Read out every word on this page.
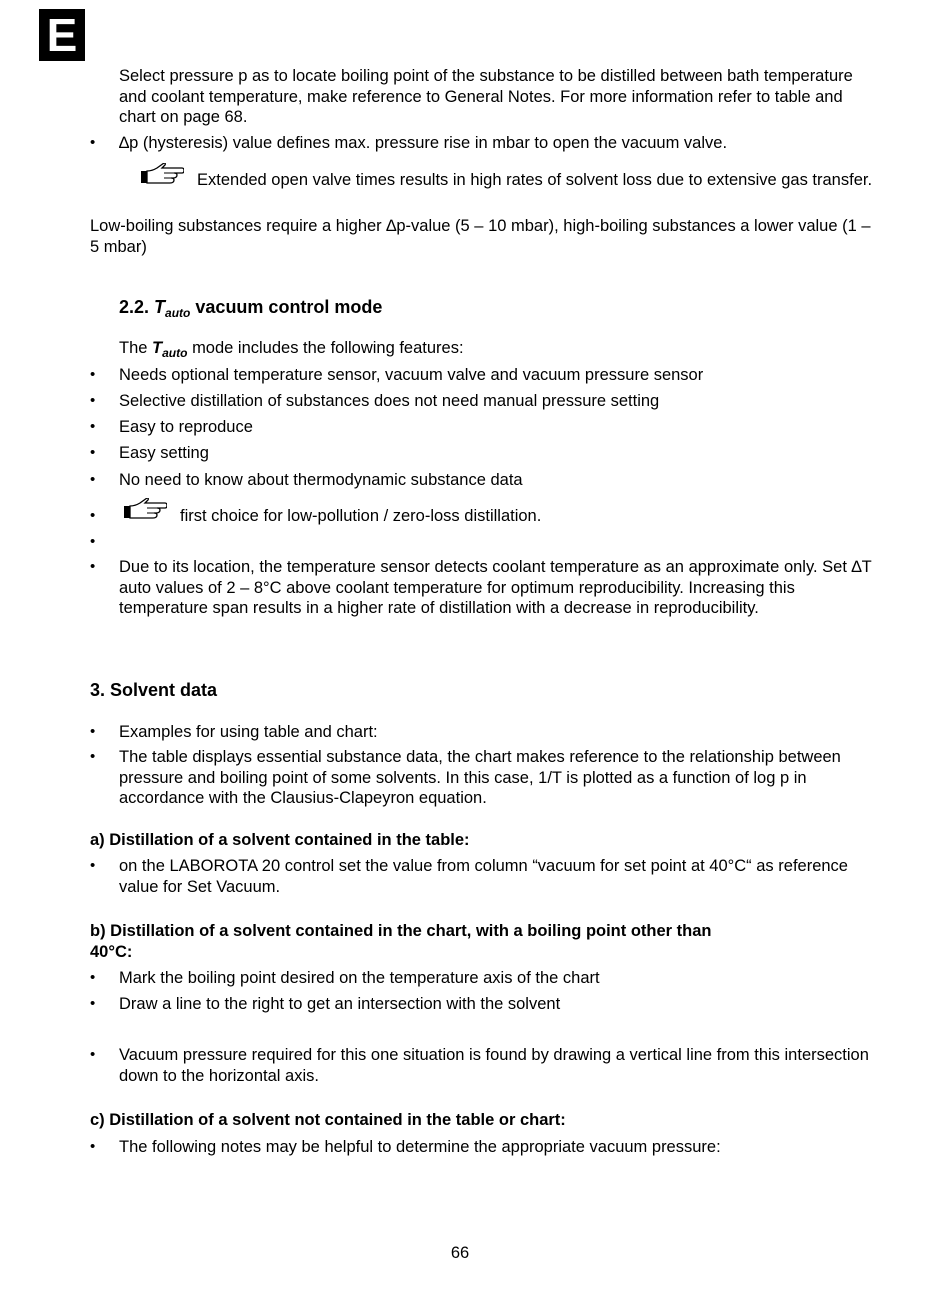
E

Select pressure p as to locate boiling point of the substance to be distilled between bath temperature and coolant temperature, make reference to General Notes. For more information refer to table and chart on page 68.

• ∆p (hysteresis) value defines max. pressure rise in mbar to open the vacuum valve.

Extended open valve times results in high rates of solvent loss due to extensive gas transfer.

Low-boiling substances require a higher ∆p-value (5 – 10 mbar), high-boiling substances a lower value (1 – 5 mbar)

2.2. $T_{auto}$ vacuum control mode
The $T_{auto}$ mode includes the following features:
• Needs optional temperature sensor, vacuum valve and vacuum pressure sensor
• Selective distillation of substances does not need manual pressure setting
• Easy to reproduce
• Easy setting
• No need to know about thermodynamic substance data
•	first choice for low-pollution / zero-loss distillation.
•
• Due to its location, the temperature sensor detects coolant temperature as an approximate only. Set ∆T auto values of 2 – 8°C above coolant temperature for optimum reproducibility. Increasing this temperature span results in a higher rate of distillation with a decrease in reproducibility.
3. Solvent data
• Examples for using table and chart:
• The table displays essential substance data, the chart makes reference to the relationship between pressure and boiling point of some solvents. In this case, 1/T is plotted as a function of log p in accordance with the Clausius-Clapeyron equation.
a) Distillation of a solvent contained in the table:
• on the LABOROTA 20 control set the value from column “vacuum for set point at 40°C“ as reference value for Set Vacuum.
b) Distillation of a solvent contained in the chart, with a boiling point other than 40°C:
• Mark the boiling point desired on the temperature axis of the chart
• Draw a line to the right to get an intersection with the solvent
• Vacuum pressure required for this one situation is found by drawing a vertical line from this intersection down to the horizontal axis.
c) Distillation of a solvent not contained in the table or chart:
• The following notes may be helpful to determine the appropriate vacuum pressure:
66
